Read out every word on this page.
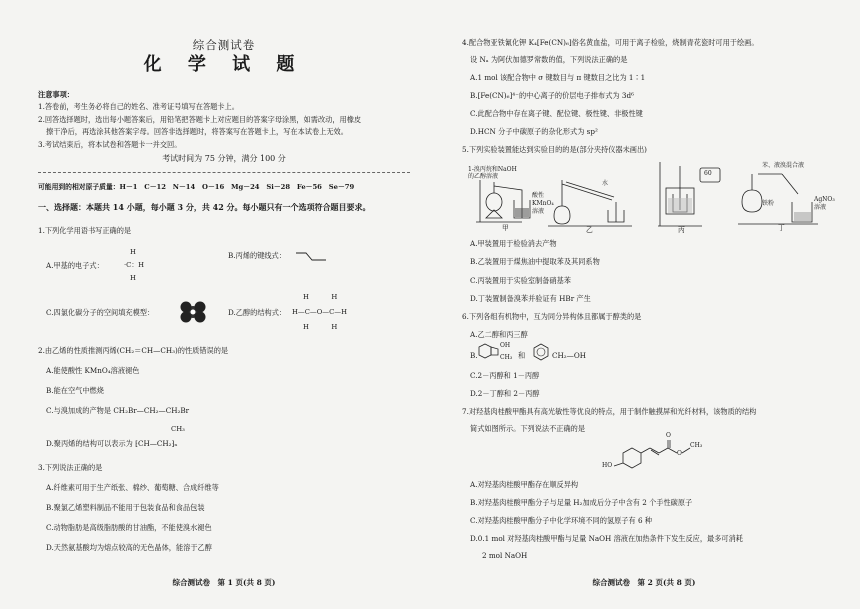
综合测试卷
化 学 试 题
注意事项：
1.答卷前，考生务必将自己的姓名、准考证号填写在答题卡上。
2.回答选择题时，选出每小题答案后，用铅笔把答题卡上对应题目的答案字母涂黑，如需改动，用橡皮
擦干净后，再选涂其他答案字母。回答非选择题时，将答案写在答题卡上，写在本试卷上无效。
3.考试结束后，将本试卷和答题卡一并交回。
考试时间为 75 分钟，满分 100 分
可能用到的相对原子质量：H－1　C－12　N－14　O－16　Mg－24　Si－28　Fe－56　Se－79
一、选择题：本题共 14 小题，每小题 3 分，共 42 分。每小题只有一个选项符合题目要求。
1.下列化学用语书写正确的是
A.甲基的电子式：
H
·C：H
H
B.丙烯的键线式：
C.四氯化碳分子的空间填充模型：	D.乙醇的结构式：
H　　　H
H—C—O—C—H
H　　　H
2.由乙烯的性质推测丙烯(CH₂＝CH—CH₃)的性质错误的是
A.能使酸性 KMnO₄溶液褪色
B.能在空气中燃烧
C.与溴加成的产物是 CH₂Br—CH₂—CH₂Br
CH₃
D.聚丙烯的结构可以表示为 ⁅CH—CH₂⁆ₙ
3.下列说法正确的是
A.纤维素可用于生产纸张、棉纱、葡萄糖、合成纤维等
B.聚氯乙烯塑料制品不能用于包装食品和食品包装
C.动物脂肪是高级脂肪酸的甘油酯，不能使溴水褪色
D.天然氨基酸均为熔点较高的无色晶体，能溶于乙醇
综合测试卷　第 1 页(共 8 页)
4.配合物亚铁氰化钾 K₄[Fe(CN)₆]俗名黄血盐，可用于离子检验，烧制青花瓷时可用于绘画。
设 Nₐ 为阿伏加德罗常数的值，下列说法正确的是
A.1 mol 该配合物中 σ 键数目与 π 键数目之比为 1∶1
B.[Fe(CN)₆]⁴⁻的中心离子的价层电子排布式为 3d⁶
C.此配合物中存在离子键、配位键、极性键、非极性键
D.HCN 分子中碳原子的杂化形式为 sp²
5.下列实验装置能达到实验目的的是(部分夹持仪器未画出)
1-溴丙烷和NaOH
的乙醇溶液
酸性
KMnO₄
溶液
水
60
苯、液溴混合液
铁粉
AgNO₃
溶液
甲	乙	丙	丁
A.甲装置用于检验消去产物
B.乙装置用于煤焦油中提取苯及其同系物
C.丙装置用于实验室制备硝基苯
D.丁装置制备溴苯并验证有 HBr 产生
6.下列各组有机物中，互为同分异构体且都属于醇类的是
A.乙二醇和丙三醇
B.
OH
CH₃ 和	CH₂—OH
C.2－丙醇和 1－丙醇
D.2－丁醇和 2－丙醇
7.对羟基肉桂酸甲酯具有高光敏性等优良的特点，用于制作触摸屏和光纤材料，该物质的结构
简式如图所示。下列说法不正确的是
HO
O
O
CH₃
A.对羟基肉桂酸甲酯存在顺反异构
B.对羟基肉桂酸甲酯分子与足量 H₂加成后分子中含有 2 个手性碳原子
C.对羟基肉桂酸甲酯分子中化学环境不同的氢原子有 6 种
D.0.1 mol 对羟基肉桂酸甲酯与足量 NaOH 溶液在加热条件下发生反应，最多可消耗
2 mol NaOH
综合测试卷　第 2 页(共 8 页)
